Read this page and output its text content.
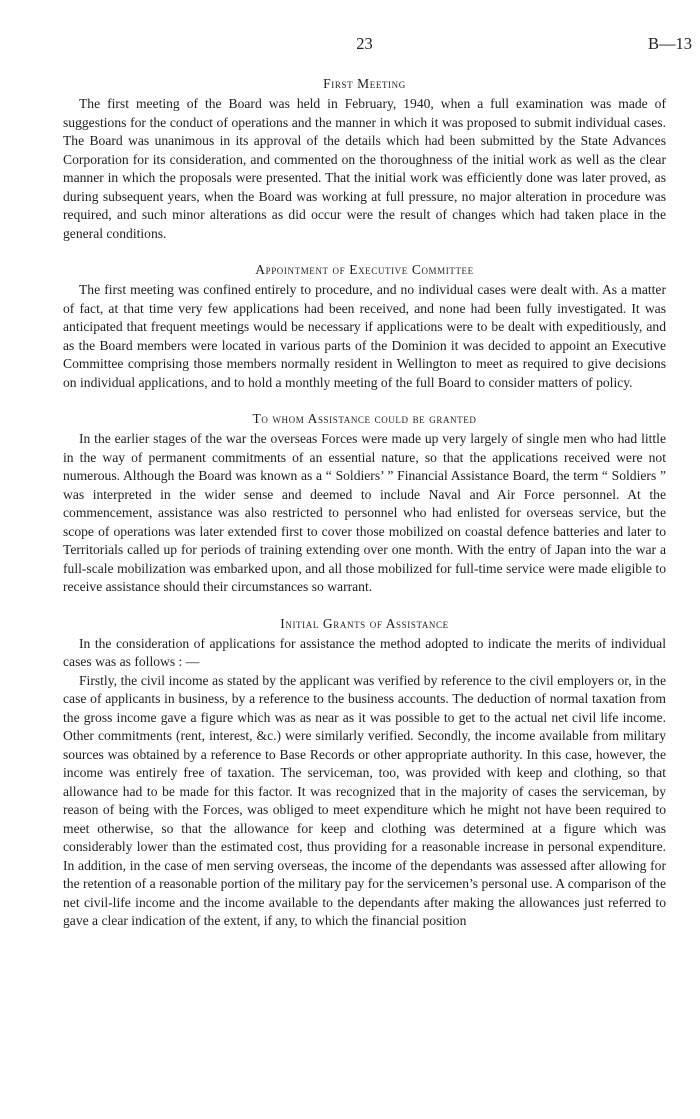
23	B—13
First Meeting

The first meeting of the Board was held in February, 1940, when a full examination was made of suggestions for the conduct of operations and the manner in which it was proposed to submit individual cases. The Board was unanimous in its approval of the details which had been submitted by the State Advances Corporation for its consideration, and commented on the thoroughness of the initial work as well as the clear manner in which the proposals were presented. That the initial work was efficiently done was later proved, as during subsequent years, when the Board was working at full pressure, no major alteration in procedure was required, and such minor alterations as did occur were the result of changes which had taken place in the general conditions.

Appointment of Executive Committee

The first meeting was confined entirely to procedure, and no individual cases were dealt with. As a matter of fact, at that time very few applications had been received, and none had been fully investigated. It was anticipated that frequent meetings would be necessary if applications were to be dealt with expeditiously, and as the Board members were located in various parts of the Dominion it was decided to appoint an Executive Committee comprising those members normally resident in Wellington to meet as required to give decisions on individual applications, and to hold a monthly meeting of the full Board to consider matters of policy.

To whom Assistance could be granted

In the earlier stages of the war the overseas Forces were made up very largely of single men who had little in the way of permanent commitments of an essential nature, so that the applications received were not numerous. Although the Board was known as a “ Soldiers’ ” Financial Assistance Board, the term “ Soldiers ” was interpreted in the wider sense and deemed to include Naval and Air Force personnel. At the commencement, assistance was also restricted to personnel who had enlisted for overseas service, but the scope of operations was later extended first to cover those mobilized on coastal defence batteries and later to Territorials called up for periods of training extending over one month. With the entry of Japan into the war a full-scale mobilization was embarked upon, and all those mobilized for full-time service were made eligible to receive assistance should their circumstances so warrant.

Initial Grants of Assistance

In the consideration of applications for assistance the method adopted to indicate the merits of individual cases was as follows : —

Firstly, the civil income as stated by the applicant was verified by reference to the civil employers or, in the case of applicants in business, by a reference to the business accounts. The deduction of normal taxation from the gross income gave a figure which was as near as it was possible to get to the actual net civil life income. Other commitments (rent, interest, &c.) were similarly verified. Secondly, the income available from military sources was obtained by a reference to Base Records or other appropriate authority. In this case, however, the income was entirely free of taxation. The serviceman, too, was provided with keep and clothing, so that allowance had to be made for this factor. It was recognized that in the majority of cases the serviceman, by reason of being with the Forces, was obliged to meet expenditure which he might not have been required to meet otherwise, so that the allowance for keep and clothing was determined at a figure which was considerably lower than the estimated cost, thus providing for a reasonable increase in personal expenditure. In addition, in the case of men serving overseas, the income of the dependants was assessed after allowing for the retention of a reasonable portion of the military pay for the servicemen’s personal use. A comparison of the net civil-life income and the income available to the dependants after making the allowances just referred to gave a clear indication of the extent, if any, to which the financial position
